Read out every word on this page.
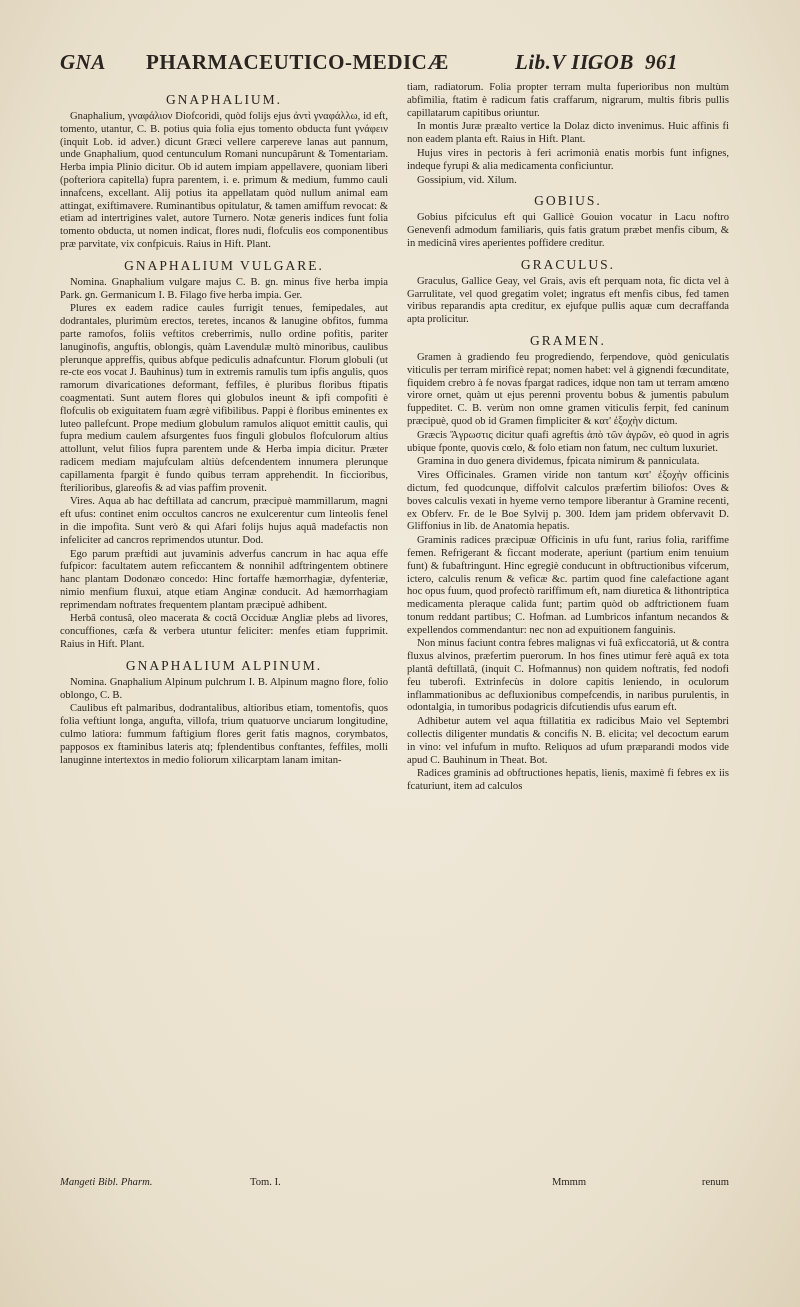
GNA PHARMACEUTICO-MEDICÆ	Lib.V II.
GOB 961

GNAPHALIUM.

Gnaphalium, γναφάλιον Diofcoridi, quòd folijs ejus ἀντὶ γναφάλλω, id eft, tomento, utantur, C. B. potius quia folia ejus tomento obducta funt γνάφειν (inquit Lob. id adver.) dicunt Græci vellere carpereve lanas aut pannum, unde Gnaphalium, quod centunculum Romani nuncupârunt & Tomentariam. Herba impia Plinio dicitur. Ob id autem impiam appellavere, quoniam liberi (pofteriora capitella) fupra parentem, i. e. primum & medium, fummo cauli innafcens, excellant. Alij potius ita appellatam quòd nullum animal eam attingat, exiftimavere. Ruminantibus opitulatur, & tamen amiffum revocat: & etiam ad intertrigines valet, autore Turnero. Notæ generis indices funt folia tomento obducta, ut nomen indicat, flores nudi, flofculis eos componentibus præ parvitate, vix confpicuis. Raius in Hift. Plant.

GNAPHALIUM VULGARE.

Nomina. Gnaphalium vulgare majus C. B. gn. minus five herba impia Park. gn. Germanicum I. B. Filago five herba impia. Ger.

Plures ex eadem radice caules furrigit tenues, femipedales, aut dodrantales, plurimùm erectos, teretes, incanos & lanugine obfitos, fumma parte ramofos, foliis veftitos creberrimis, nullo ordine pofitis, pariter lanuginofis, anguftis, oblongis, quàm Lavendulæ multò minoribus, caulibus plerunque appreffis, quibus abfque pediculis adnafcuntur. Florum globuli (ut re-cte eos vocat J. Bauhinus) tum in extremis ramulis tum ipfis angulis, quos ramorum divaricationes deformant, feffiles, è pluribus floribus ftipatis coagmentati. Sunt autem flores qui globulos ineunt & ipfi compofiti è flofculis ob exiguitatem fuam ægrè vifibilibus. Pappi è floribus eminentes ex luteo pallefcunt. Prope medium globulum ramulos aliquot emittit caulis, qui fupra medium caulem afsurgentes fuos finguli globulos flofculorum altius attollunt, velut filios fupra parentem unde & Herba impia dicitur. Præter radicem mediam majufculam altiùs defcendentem innumera plerunque capillamenta fpargit è fundo quibus terram apprehendit. In ficcioribus, fterilioribus, glareofis & ad vias paffim provenit.

Vires. Aqua ab hac deftillata ad cancrum, præcipuè mammillarum, magni eft ufus: continet enim occultos cancros ne exulcerentur cum linteolis fenel in die impofita. Sunt verò & qui Afari folijs hujus aquâ madefactis non infeliciter ad cancros reprimendos utuntur. Dod.

Ego parum præftidi aut juvaminis adverfus cancrum in hac aqua effe fufpicor: facultatem autem reficcantem & nonnihil adftringentem obtinere hanc plantam Dodonæo concedo: Hinc fortaffe hæmorrhagiæ, dyfenteriæ, nimio menfium fluxui, atque etiam Anginæ conducit. Ad hæmorrhagiam reprimendam noftrates frequentem plantam præcipuè adhibent.

Herbâ contusâ, oleo macerata & coctâ Occiduæ Angliæ plebs ad livores, concuffiones, cæfa & verbera utuntur feliciter: menfes etiam fupprimit. Raius in Hift. Plant.

GNAPHALIUM ALPINUM.

Nomina. Gnaphalium Alpinum pulchrum I. B. Alpinum magno flore, folio oblongo, C. B.

Caulibus eft palmaribus, dodrantalibus, altioribus etiam, tomentofis, quos folia veftiunt longa, angufta, villofa, trium quatuorve unciarum longitudine, culmo latiora: fummum faftigium flores gerit fatis magnos, corymbatos, papposos ex ftaminibus lateris atq; fplendentibus conftantes, feffiles, molli lanuginne intertextos in medio foliorum xilicarptam lanam imitan-

tiam, radiatorum. Folia propter terram multa fuperioribus non multùm abfimilia, ftatim è radicum fatis craffarum, nigrarum, multis fibris pullis capillatarum capitibus oriuntur.

In montis Juræ præalto vertice la Dolaz dicto invenimus. Huic affinis fi non eadem planta eft. Raius in Hift. Plant.

Hujus vires in pectoris à feri acrimonià enatis morbis funt infignes, indeque fyrupi & alia medicamenta conficiuntur.

Gossipium, vid. Xilum.

GOBIUS.

Gobius pifciculus eft qui Gallicè Gouion vocatur in Lacu noftro Genevenfi admodum familiaris, quis fatis gratum præbet menfis cibum, & in medicinâ vires aperientes poffidere creditur.

GRACULUS.

Graculus, Gallice Geay, vel Grais, avis eft perquam nota, fic dicta vel à Garrulitate, vel quod gregatim volet; ingratus eft menfis cibus, fed tamen viribus reparandis apta creditur, ex ejufque pullis aquæ cum decraffanda apta prolicitur.

GRAMEN.

Gramen à gradiendo feu progrediendo, ferpendove, quòd geniculatis viticulis per terram mirificè repat; nomen habet: vel à gignendi fœcunditate, fiquidem crebro à fe novas fpargat radices, idque non tam ut terram amœno virore ornet, quàm ut ejus perenni proventu bobus & jumentis pabulum fuppeditet. C. B. verùm non omne gramen viticulis ferpit, fed caninum præcipuè, quod ob id Gramen fimpliciter & κατ' ἐξοχὴν dictum.

Græcis Ἄγρωστις dicitur quafi agreftis ἀπὸ τῶν ἀγρῶν, eò quod in agris ubique fponte, quovis cœlo, & folo etiam non fatum, nec cultum luxuriet.

Gramina in duo genera dividemus, fpicata nimirum & panniculata.

Vires Officinales. Gramen viride non tantum κατ' ἐξοχὴν officinis dictum, fed quodcunque, diffolvit calculos præfertim biliofos: Oves & boves calculis vexati in hyeme verno tempore liberantur à Gramine recenti, ex Obferv. Fr. de le Boe Sylvij p. 300. Idem jam pridem obfervavit D. Gliffonius in lib. de Anatomia hepatis.

Graminis radices præcipuæ Officinis in ufu funt, rarius folia, rariffime femen. Refrigerant & ficcant moderate, aperiunt (partium enim tenuium funt) & fubaftringunt. Hinc egregiè conducunt in obftructionibus vifcerum, ictero, calculis renum & veficæ &c. partim quod fine calefactione agant hoc opus fuum, quod profectò rariffimum eft, nam diuretica & lithontriptica medicamenta pleraque calida funt; partim quòd ob adftrictionem fuam tonum reddant partibus; C. Hofman. ad Lumbricos infantum necandos & expellendos commendantur: nec non ad expuitionem fanguinis.

Non minus faciunt contra febres malignas vi fuâ exficcatoriâ, ut & contra fluxus alvinos, præfertim puerorum. In hos fines utimur ferè aquâ ex tota plantâ deftillatâ, (inquit C. Hofmannus) non quidem noftratis, fed nodofi feu tuberofi. Extrinfecùs in dolore capitis leniendo, in oculorum inflammationibus ac defluxionibus compefcendis, in naribus purulentis, in odontalgia, in tumoribus podagricis difcutiendis ufus earum eft.

Adhibetur autem vel aqua ftillatitia ex radicibus Maio vel Septembri collectis diligenter mundatis & concifis N. B. elicita; vel decoctum earum in vino: vel infufum in mufto. Reliquos ad ufum præparandi modos vide apud C. Bauhinum in Theat. Bot.

Radices graminis ad obftructiones hepatis, lienis, maximè fi febres ex iis fcaturiunt, item ad calculos

Mangeti Bibl. Pharm.	Tom. I.	Mmmm	renum
